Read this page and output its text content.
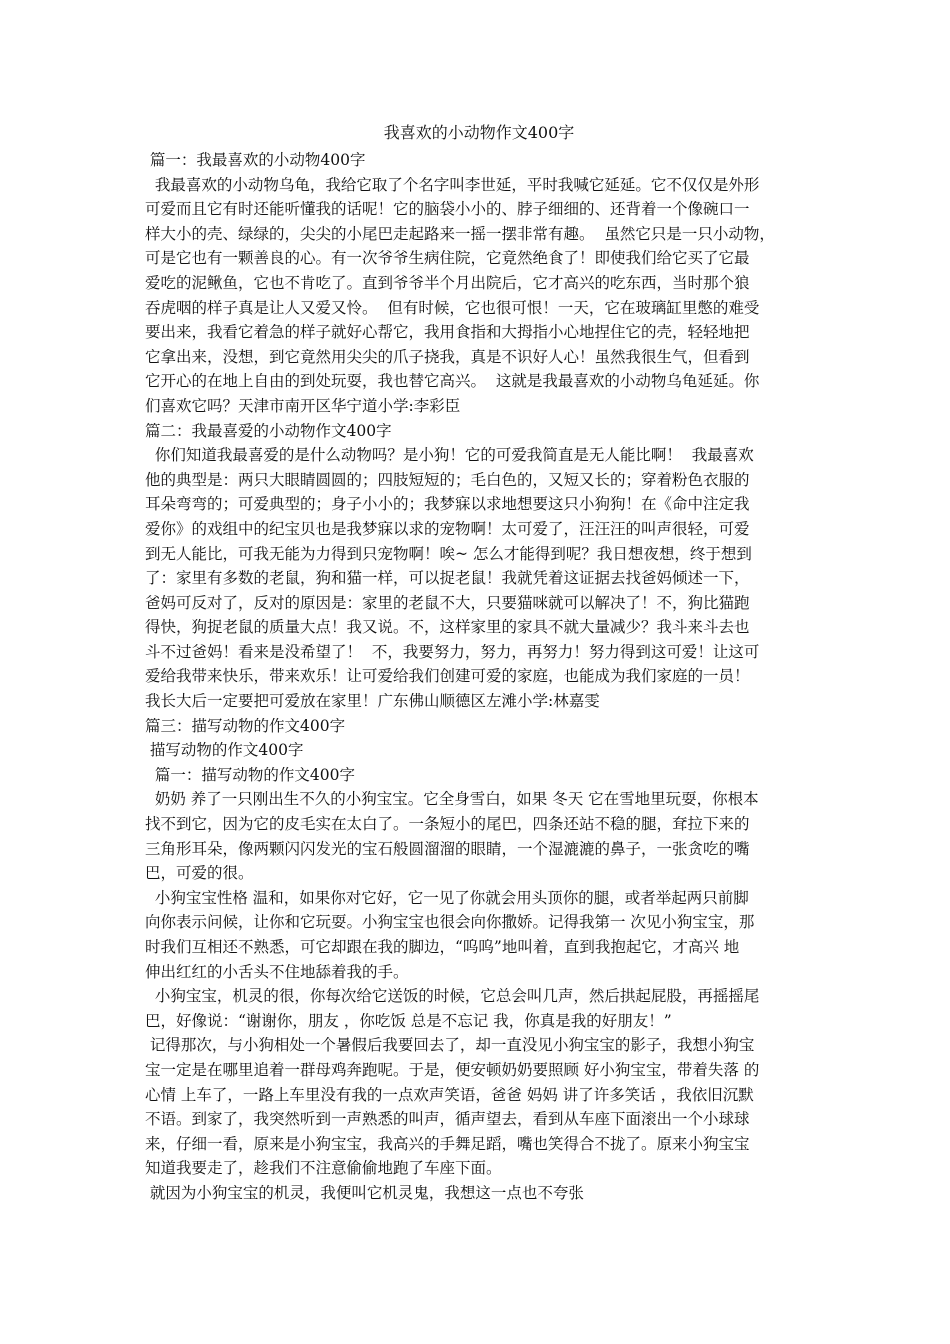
我喜欢的小动物作文400字
篇一：我最喜欢的小动物400字
我最喜欢的小动物乌龟，我给它取了个名字叫李世延，平时我喊它延延。它不仅仅是外形
可爱而且它有时还能听懂我的话呢！它的脑袋小小的、脖子细细的、还背着一个像碗口一
样大小的壳、绿绿的，尖尖的小尾巴走起路来一摇一摆非常有趣。  虽然它只是一只小动物，
可是它也有一颗善良的心。有一次爷爷生病住院，它竟然绝食了！即使我们给它买了它最
爱吃的泥鳅鱼，它也不肯吃了。直到爷爷半个月出院后，它才高兴的吃东西，当时那个狼
吞虎咽的样子真是让人又爱又怜。  但有时候，它也很可恨！一天，它在玻璃缸里憋的难受
要出来，我看它着急的样子就好心帮它，我用食指和大拇指小心地捏住它的壳，轻轻地把
它拿出来，没想，到它竟然用尖尖的爪子挠我，真是不识好人心！虽然我很生气，但看到
它开心的在地上自由的到处玩耍，我也替它高兴。  这就是我最喜欢的小动物乌龟延延。你
们喜欢它吗？天津市南开区华宁道小学:李彩臣
篇二：我最喜爱的小动物作文400字
你们知道我最喜爱的是什么动物吗？是小狗！它的可爱我简直是无人能比啊！  我最喜欢
他的典型是：两只大眼睛圆圆的；四肢短短的；毛白色的，又短又长的；穿着粉色衣服的
耳朵弯弯的；可爱典型的；身子小小的；我梦寐以求地想要这只小狗狗！在《命中注定我
爱你》的戏组中的纪宝贝也是我梦寐以求的宠物啊！太可爱了，汪汪汪的叫声很轻，可爱
到无人能比，可我无能为力得到只宠物啊！唉~ 怎么才能得到呢？我日想夜想，终于想到
了：家里有多数的老鼠，狗和猫一样，可以捉老鼠！我就凭着这证据去找爸妈倾述一下，
爸妈可反对了，反对的原因是：家里的老鼠不大，只要猫咪就可以解决了！不，狗比猫跑
得快，狗捉老鼠的质量大点！我又说。不，这样家里的家具不就大量减少？我斗来斗去也
斗不过爸妈！看来是没希望了！  不，我要努力，努力，再努力！努力得到这可爱！让这可
爱给我带来快乐，带来欢乐！让可爱给我们创建可爱的家庭，也能成为我们家庭的一员！
我长大后一定要把可爱放在家里！广东佛山顺德区左滩小学:林嘉雯
篇三：描写动物的作文400字
描写动物的作文400字
篇一：描写动物的作文400字
奶奶 养了一只刚出生不久的小狗宝宝。它全身雪白，如果 冬天 它在雪地里玩耍，你根本
找不到它，因为它的皮毛实在太白了。一条短小的尾巴，四条还站不稳的腿，耷拉下来的
三角形耳朵，像两颗闪闪发光的宝石般圆溜溜的眼睛，一个湿漉漉的鼻子，一张贪吃的嘴
巴，可爱的很。
小狗宝宝性格 温和，如果你对它好，它一见了你就会用头顶你的腿，或者举起两只前脚
向你表示问候，让你和它玩耍。小狗宝宝也很会向你撒娇。记得我第一 次见小狗宝宝，那
时我们互相还不熟悉，可它却跟在我的脚边，“呜呜”地叫着，直到我抱起它，才高兴 地
伸出红红的小舌头不住地舔着我的手。
小狗宝宝，机灵的很，你每次给它送饭的时候，它总会叫几声，然后拱起屁股，再摇摇尾
巴，好像说：“谢谢你，朋友 ，你吃饭 总是不忘记 我，你真是我的好朋友！”
记得那次，与小狗相处一个暑假后我要回去了，却一直没见小狗宝宝的影子，我想小狗宝
宝一定是在哪里追着一群母鸡奔跑呢。于是，便安顿奶奶要照顾 好小狗宝宝，带着失落 的
心情 上车了，一路上车里没有我的一点欢声笑语，爸爸 妈妈 讲了许多笑话 ，我依旧沉默
不语。到家了，我突然听到一声熟悉的叫声，循声望去，看到从车座下面滚出一个小球球
来，仔细一看，原来是小狗宝宝，我高兴的手舞足蹈，嘴也笑得合不拢了。原来小狗宝宝
知道我要走了，趁我们不注意偷偷地跑了车座下面。
就因为小狗宝宝的机灵，我便叫它机灵鬼，我想这一点也不夸张
